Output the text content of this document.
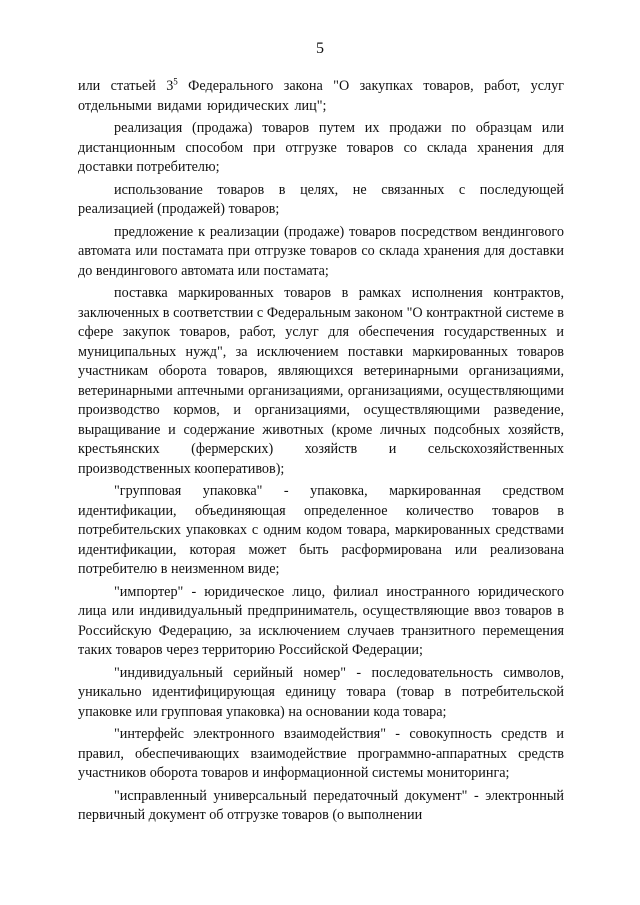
5

или статьей $3^5$ Федерального закона "О закупках товаров, работ, услуг отдельными видами юридических лиц";

реализация (продажа) товаров путем их продажи по образцам или дистанционным способом при отгрузке товаров со склада хранения для доставки потребителю;

использование товаров в целях, не связанных с последующей реализацией (продажей) товаров;

предложение к реализации (продаже) товаров посредством вендингового автомата или постамата при отгрузке товаров со склада хранения для доставки до вендингового автомата или постамата;

поставка маркированных товаров в рамках исполнения контрактов, заключенных в соответствии с Федеральным законом "О контрактной системе в сфере закупок товаров, работ, услуг для обеспечения государственных и муниципальных нужд", за исключением поставки маркированных товаров участникам оборота товаров, являющихся ветеринарными организациями, ветеринарными аптечными организациями, организациями, осуществляющими производство кормов, и организациями, осуществляющими разведение, выращивание и содержание животных (кроме личных подсобных хозяйств, крестьянских (фермерских) хозяйств и сельскохозяйственных производственных кооперативов);

"групповая упаковка" - упаковка, маркированная средством идентификации, объединяющая определенное количество товаров в потребительских упаковках с одним кодом товара, маркированных средствами идентификации, которая может быть расформирована или реализована потребителю в неизменном виде;

"импортер" - юридическое лицо, филиал иностранного юридического лица или индивидуальный предприниматель, осуществляющие ввоз товаров в Российскую Федерацию, за исключением случаев транзитного перемещения таких товаров через территорию Российской Федерации;

"индивидуальный серийный номер" - последовательность символов, уникально идентифицирующая единицу товара (товар в потребительской упаковке или групповая упаковка) на основании кода товара;

"интерфейс электронного взаимодействия" - совокупность средств и правил, обеспечивающих взаимодействие программно-аппаратных средств участников оборота товаров и информационной системы мониторинга;

"исправленный универсальный передаточный документ" - электронный первичный документ об отгрузке товаров (о выполнении
